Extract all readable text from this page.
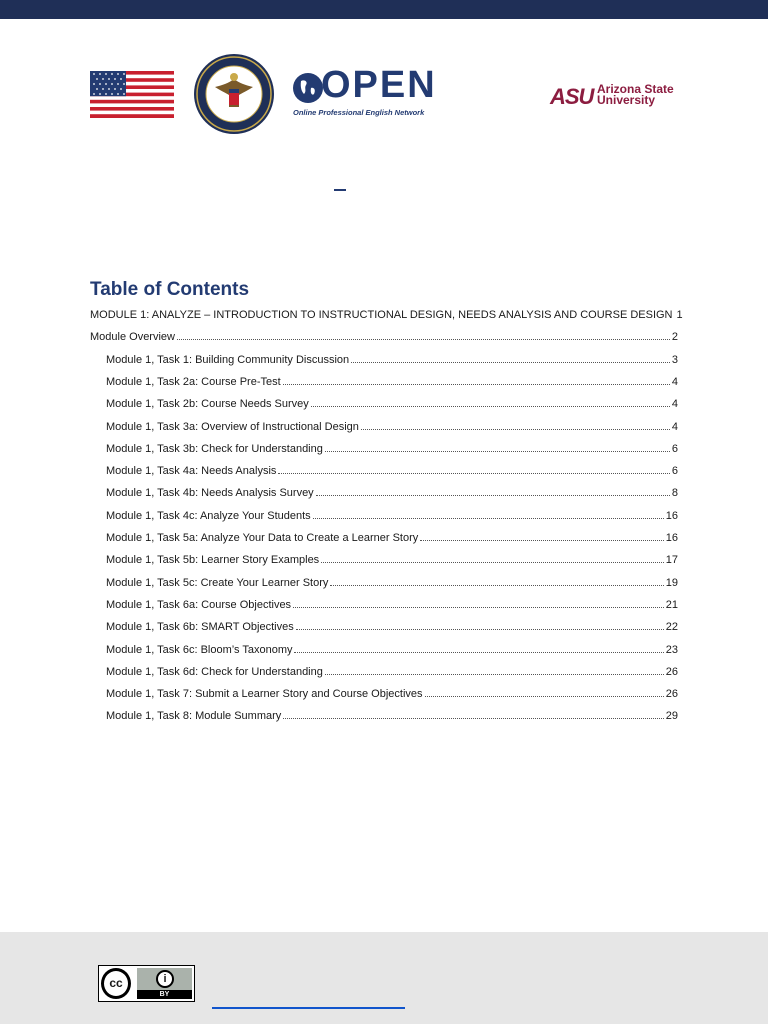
OPEN
Online Professional English Network
ASU Arizona State
University
Table of Contents
MODULE 1: ANALYZE – INTRODUCTION TO INSTRUCTIONAL DESIGN, NEEDS ANALYSIS AND COURSE DESIGN 1
Module Overview	2
Module 1, Task 1: Building Community Discussion	3
Module 1, Task 2a: Course Pre-Test	4
Module 1, Task 2b: Course Needs Survey	4
Module 1, Task 3a: Overview of Instructional Design	4
Module 1, Task 3b: Check for Understanding	6
Module 1, Task 4a: Needs Analysis	6
Module 1, Task 4b: Needs Analysis Survey	8
Module 1, Task 4c: Analyze Your Students	16
Module 1, Task 5a: Analyze Your Data to Create a Learner Story	16
Module 1, Task 5b: Learner Story Examples	17
Module 1, Task 5c: Create Your Learner Story	19
Module 1, Task 6a: Course Objectives	21
Module 1, Task 6b: SMART Objectives	22
Module 1, Task 6c: Bloom’s Taxonomy	23
Module 1, Task 6d: Check for Understanding	26
Module 1, Task 7: Submit a Learner Story and Course Objectives	26
Module 1, Task 8: Module Summary	29
cc	i
BY
